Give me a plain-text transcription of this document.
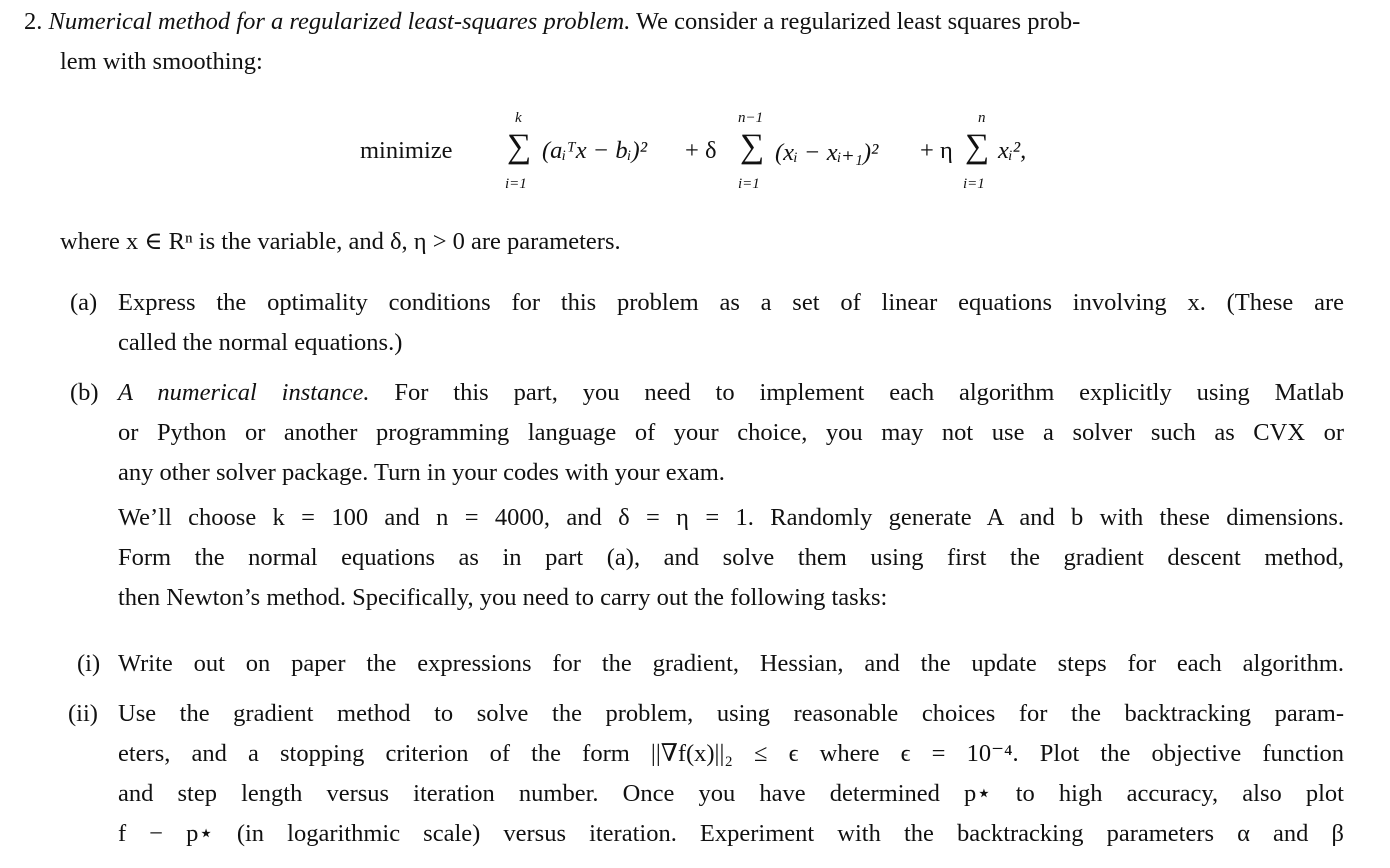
2. Numerical method for a regularized least-squares problem. We consider a regularized least squares prob-
lem with smoothing:
minimize
k
∑
i=1
(aᵢᵀx − bᵢ)² + δ
n−1
∑
i=1
(xᵢ − xᵢ₊₁)² + η
n
∑
i=1
xᵢ²,
where x ∈ Rⁿ is the variable, and δ, η > 0 are parameters.
(a) Express the optimality conditions for this problem as a set of linear equations involving x. (These are
called the normal equations.)
(b) A numerical instance. For this part, you need to implement each algorithm explicitly using Matlab
or Python or another programming language of your choice, you may not use a solver such as CVX or
any other solver package. Turn in your codes with your exam.
We’ll choose k = 100 and n = 4000, and δ = η = 1. Randomly generate A and b with these dimensions.
Form the normal equations as in part (a), and solve them using first the gradient descent method,
then Newton’s method. Specifically, you need to carry out the following tasks:
(i) Write out on paper the expressions for the gradient, Hessian, and the update steps for each algorithm.
(ii) Use the gradient method to solve the problem, using reasonable choices for the backtracking param-
eters, and a stopping criterion of the form ||∇f(x)||₂ ≤ ϵ where ϵ = 10⁻⁴. Plot the objective function
and step length versus iteration number. Once you have determined p⋆ to high accuracy, also plot
f − p⋆ (in logarithmic scale) versus iteration. Experiment with the backtracking parameters α and β
